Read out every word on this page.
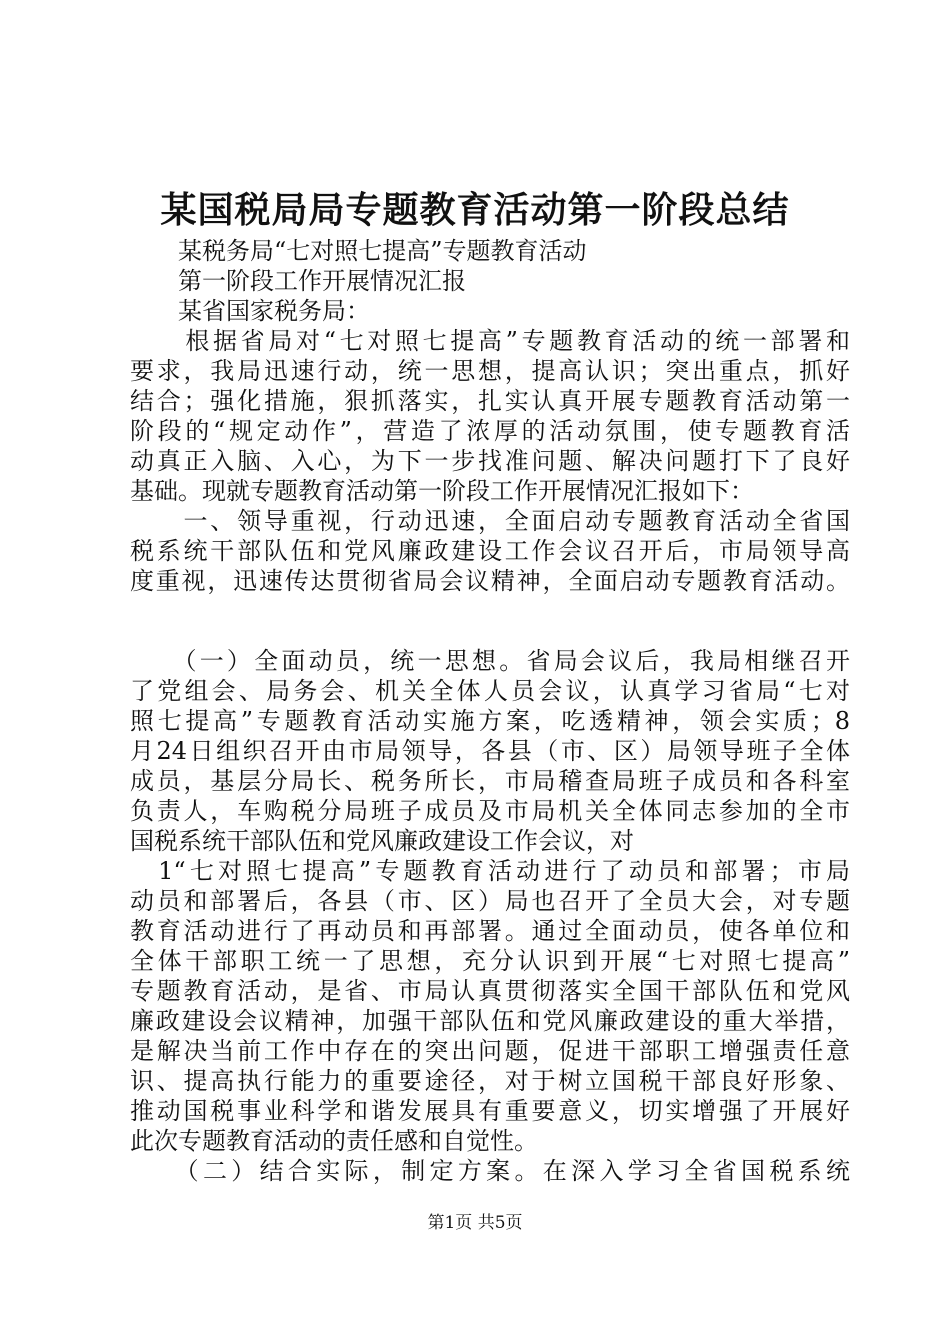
某国税局局专题教育活动第一阶段总结
　　某税务局“七对照七提高”专题教育活动
　　第一阶段工作开展情况汇报
　　某省国家税务局：
　　根据省局对“七对照七提高”专题教育活动的统一部署和
要求，我局迅速行动，统一思想，提高认识；突出重点，抓好
结合；强化措施，狠抓落实，扎实认真开展专题教育活动第一
阶段的“规定动作”，营造了浓厚的活动氛围，使专题教育活
动真正入脑、入心，为下一步找准问题、解决问题打下了良好
基础。现就专题教育活动第一阶段工作开展情况汇报如下：
　　一、领导重视，行动迅速，全面启动专题教育活动全省国
税系统干部队伍和党风廉政建设工作会议召开后，市局领导高
度重视，迅速传达贯彻省局会议精神，全面启动专题教育活动。
　　（一）全面动员，统一思想。省局会议后，我局相继召开
了党组会、局务会、机关全体人员会议，认真学习省局“七对
照七提高”专题教育活动实施方案，吃透精神，领会实质；8
月24日组织召开由市局领导，各县（市、区）局领导班子全体
成员，基层分局长、税务所长，市局稽查局班子成员和各科室
负责人，车购税分局班子成员及市局机关全体同志参加的全市
国税系统干部队伍和党风廉政建设工作会议，对
　1“七对照七提高”专题教育活动进行了动员和部署；市局
动员和部署后，各县（市、区）局也召开了全员大会，对专题
教育活动进行了再动员和再部署。通过全面动员，使各单位和
全体干部职工统一了思想，充分认识到开展“七对照七提高”
专题教育活动，是省、市局认真贯彻落实全国干部队伍和党风
廉政建设会议精神，加强干部队伍和党风廉政建设的重大举措，
是解决当前工作中存在的突出问题，促进干部职工增强责任意
识、提高执行能力的重要途径，对于树立国税干部良好形象、
推动国税事业科学和谐发展具有重要意义，切实增强了开展好
此次专题教育活动的责任感和自觉性。
　　（二）结合实际，制定方案。在深入学习全省国税系统
第1页 共5页
